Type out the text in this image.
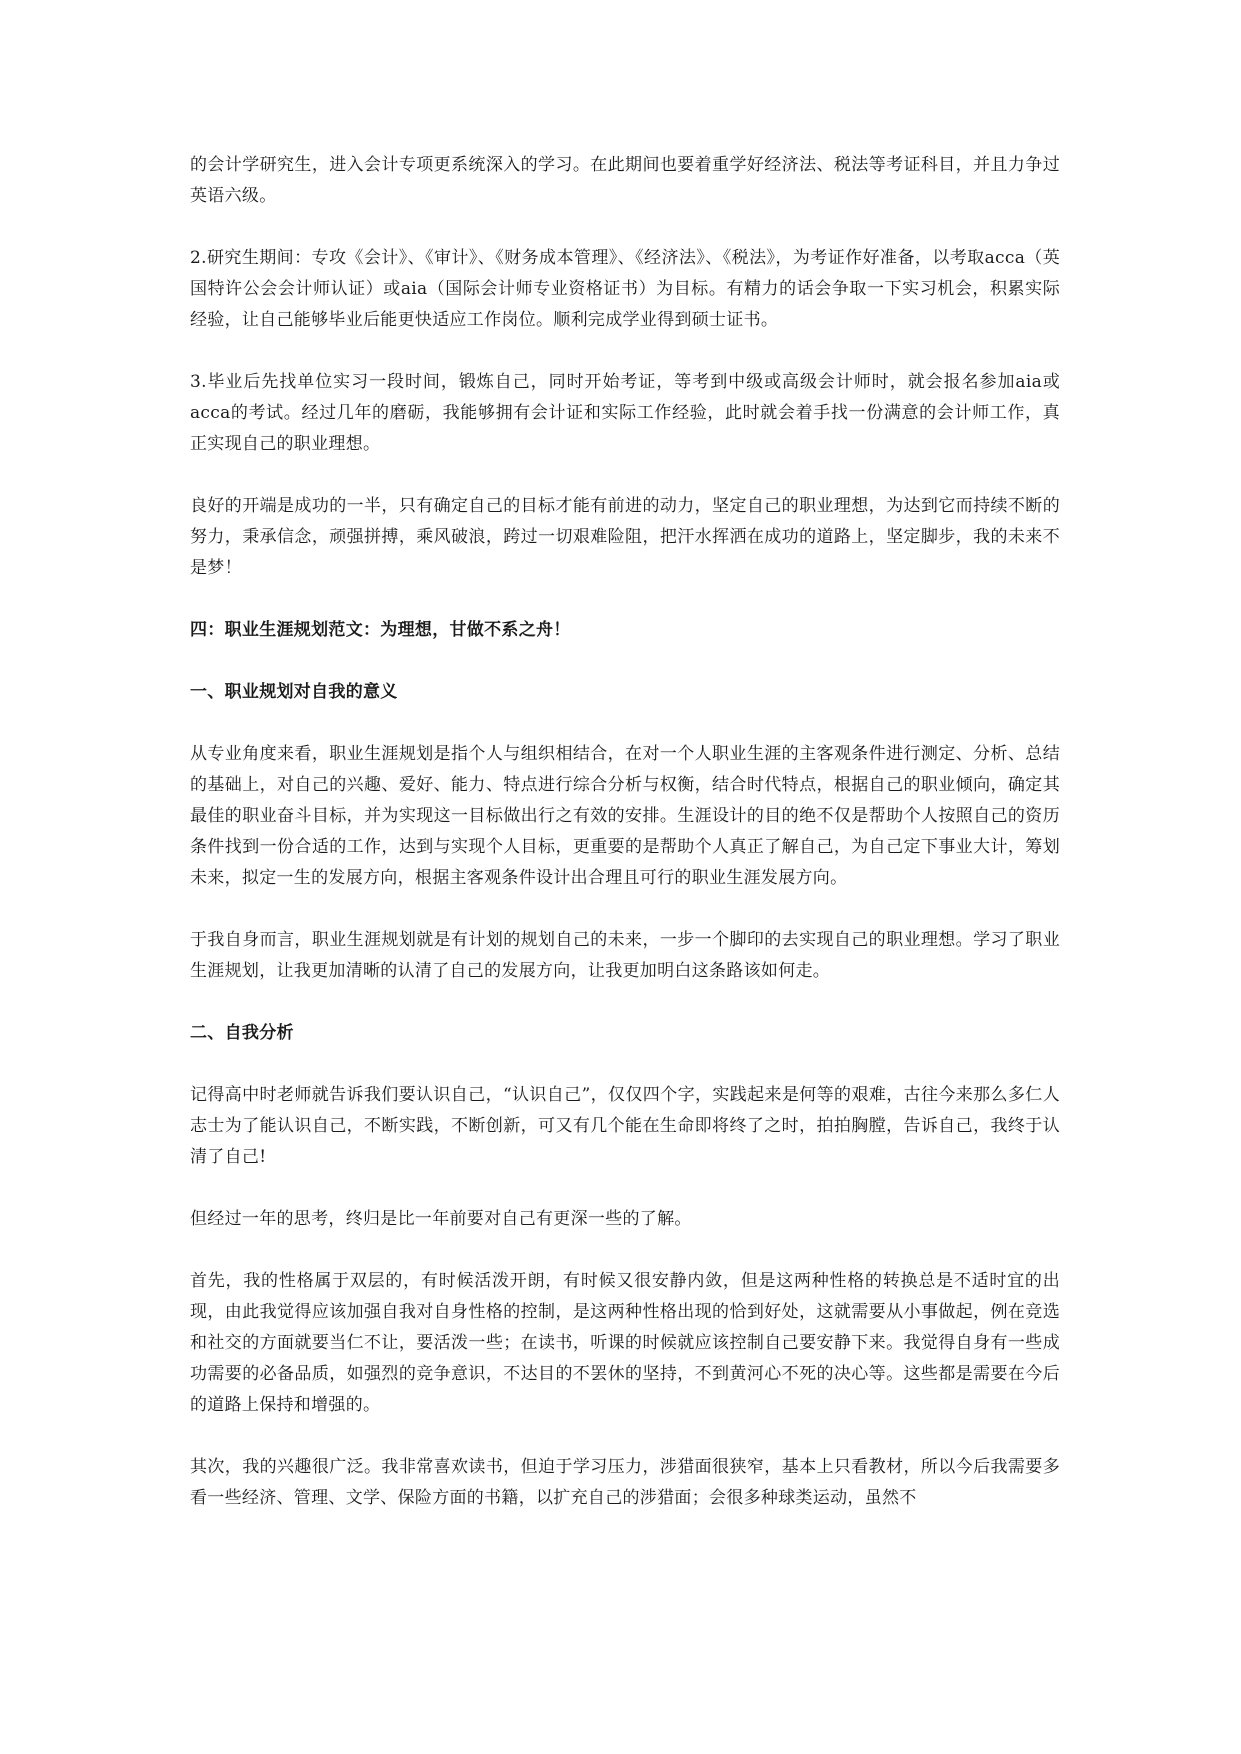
的会计学研究生，进入会计专项更系统深入的学习。在此期间也要着重学好经济法、税法等考证科目，并且力争过英语六级。

2.研究生期间：专攻《会计》、《审计》、《财务成本管理》、《经济法》、《税法》，为考证作好准备，以考取acca（英国特许公会会计师认证）或aia（国际会计师专业资格证书）为目标。有精力的话会争取一下实习机会，积累实际经验，让自己能够毕业后能更快适应工作岗位。顺利完成学业得到硕士证书。

3.毕业后先找单位实习一段时间，锻炼自己，同时开始考证，等考到中级或高级会计师时，就会报名参加aia或acca的考试。经过几年的磨砺，我能够拥有会计证和实际工作经验，此时就会着手找一份满意的会计师工作，真正实现自己的职业理想。

良好的开端是成功的一半，只有确定自己的目标才能有前进的动力，坚定自己的职业理想，为达到它而持续不断的努力，秉承信念，顽强拼搏，乘风破浪，跨过一切艰难险阻，把汗水挥洒在成功的道路上，坚定脚步，我的未来不是梦！

四：职业生涯规划范文：为理想，甘做不系之舟！

一、职业规划对自我的意义

从专业角度来看，职业生涯规划是指个人与组织相结合，在对一个人职业生涯的主客观条件进行测定、分析、总结的基础上，对自己的兴趣、爱好、能力、特点进行综合分析与权衡，结合时代特点，根据自己的职业倾向，确定其最佳的职业奋斗目标，并为实现这一目标做出行之有效的安排。生涯设计的目的绝不仅是帮助个人按照自己的资历条件找到一份合适的工作，达到与实现个人目标，更重要的是帮助个人真正了解自己，为自己定下事业大计，筹划未来，拟定一生的发展方向，根据主客观条件设计出合理且可行的职业生涯发展方向。

于我自身而言，职业生涯规划就是有计划的规划自己的未来，一步一个脚印的去实现自己的职业理想。学习了职业生涯规划，让我更加清晰的认清了自己的发展方向，让我更加明白这条路该如何走。

二、自我分析

记得高中时老师就告诉我们要认识自己，“认识自己”，仅仅四个字，实践起来是何等的艰难，古往今来那么多仁人志士为了能认识自己，不断实践，不断创新，可又有几个能在生命即将终了之时，拍拍胸膛，告诉自己，我终于认清了自己!

但经过一年的思考，终归是比一年前要对自己有更深一些的了解。

首先，我的性格属于双层的，有时候活泼开朗，有时候又很安静内敛，但是这两种性格的转换总是不适时宜的出现，由此我觉得应该加强自我对自身性格的控制，是这两种性格出现的恰到好处，这就需要从小事做起，例在竞选和社交的方面就要当仁不让，要活泼一些；在读书，听课的时候就应该控制自己要安静下来。我觉得自身有一些成功需要的必备品质，如强烈的竞争意识，不达目的不罢休的坚持，不到黄河心不死的决心等。这些都是需要在今后的道路上保持和增强的。

其次，我的兴趣很广泛。我非常喜欢读书，但迫于学习压力，涉猎面很狭窄，基本上只看教材，所以今后我需要多看一些经济、管理、文学、保险方面的书籍，以扩充自己的涉猎面；会很多种球类运动，虽然不
